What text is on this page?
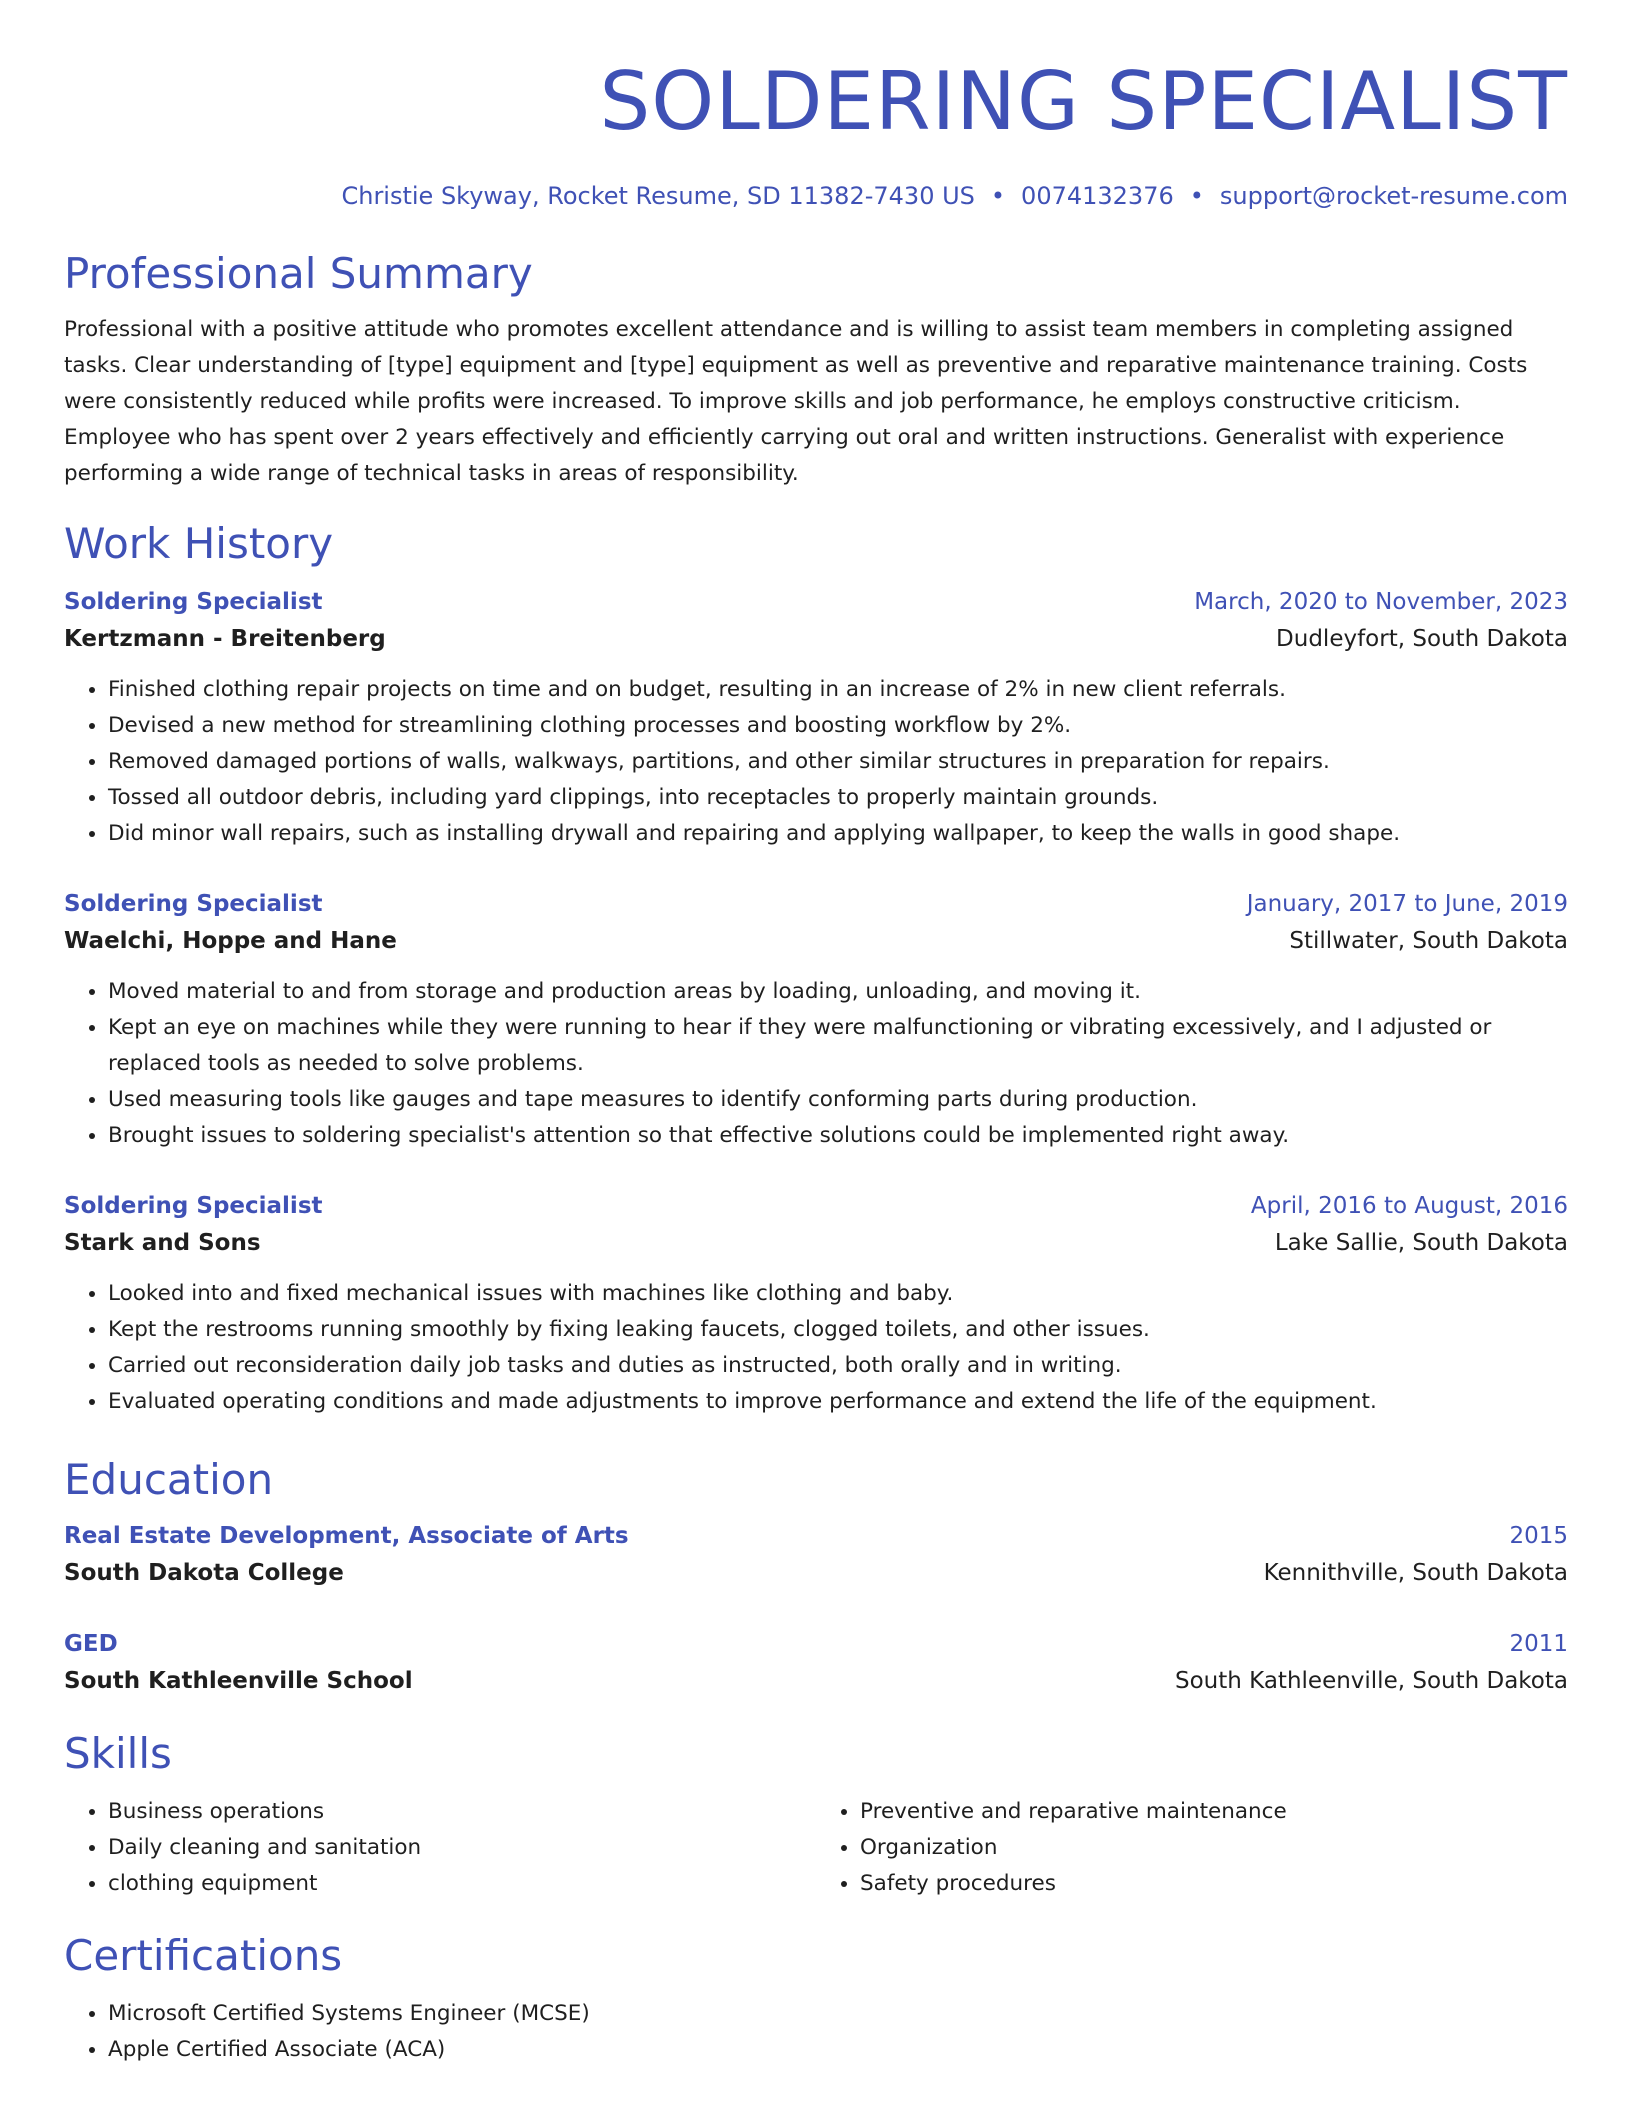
SOLDERING SPECIALIST
Christie Skyway, Rocket Resume, SD 11382-7430 US • 0074132376 • support@rocket-resume.com
Professional Summary
Professional with a positive attitude who promotes excellent attendance and is willing to assist team members in completing assigned tasks. Clear understanding of [type] equipment and [type] equipment as well as preventive and reparative maintenance training. Costs were consistently reduced while profits were increased. To improve skills and job performance, he employs constructive criticism. Employee who has spent over 2 years effectively and efficiently carrying out oral and written instructions. Generalist with experience performing a wide range of technical tasks in areas of responsibility.
Work History
Soldering Specialist	March, 2020 to November, 2023
Kertzmann - Breitenberg	Dudleyfort, South Dakota
• Finished clothing repair projects on time and on budget, resulting in an increase of 2% in new client referrals.
• Devised a new method for streamlining clothing processes and boosting workflow by 2%.
• Removed damaged portions of walls, walkways, partitions, and other similar structures in preparation for repairs.
• Tossed all outdoor debris, including yard clippings, into receptacles to properly maintain grounds.
• Did minor wall repairs, such as installing drywall and repairing and applying wallpaper, to keep the walls in good shape.
Soldering Specialist	January, 2017 to June, 2019
Waelchi, Hoppe and Hane	Stillwater, South Dakota
• Moved material to and from storage and production areas by loading, unloading, and moving it.
• Kept an eye on machines while they were running to hear if they were malfunctioning or vibrating excessively, and I adjusted or replaced tools as needed to solve problems.
• Used measuring tools like gauges and tape measures to identify conforming parts during production.
• Brought issues to soldering specialist's attention so that effective solutions could be implemented right away.
Soldering Specialist	April, 2016 to August, 2016
Stark and Sons	Lake Sallie, South Dakota
• Looked into and fixed mechanical issues with machines like clothing and baby.
• Kept the restrooms running smoothly by fixing leaking faucets, clogged toilets, and other issues.
• Carried out reconsideration daily job tasks and duties as instructed, both orally and in writing.
• Evaluated operating conditions and made adjustments to improve performance and extend the life of the equipment.
Education
Real Estate Development, Associate of Arts	2015
South Dakota College	Kennithville, South Dakota
GED	2011
South Kathleenville School	South Kathleenville, South Dakota
Skills
• Business operations
• Daily cleaning and sanitation
• clothing equipment
• Preventive and reparative maintenance
• Organization
• Safety procedures
Certifications
• Microsoft Certified Systems Engineer (MCSE)
• Apple Certified Associate (ACA)
